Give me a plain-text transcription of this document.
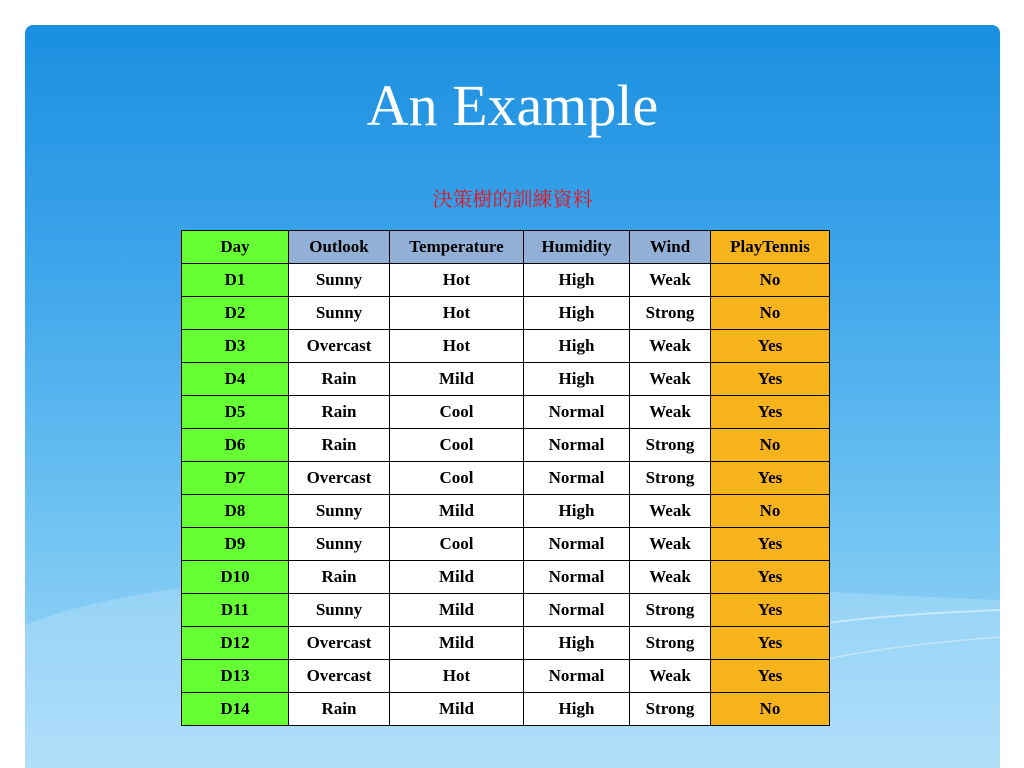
An Example
決策樹的訓練資料
Day	Outlook	Temperature	Humidity	Wind	PlayTennis
D1	Sunny	Hot	High	Weak	No
D2	Sunny	Hot	High	Strong	No
D3	Overcast	Hot	High	Weak	Yes
D4	Rain	Mild	High	Weak	Yes
D5	Rain	Cool	Normal	Weak	Yes
D6	Rain	Cool	Normal	Strong	No
D7	Overcast	Cool	Normal	Strong	Yes
D8	Sunny	Mild	High	Weak	No
D9	Sunny	Cool	Normal	Weak	Yes
D10	Rain	Mild	Normal	Weak	Yes
D11	Sunny	Mild	Normal	Strong	Yes
D12	Overcast	Mild	High	Strong	Yes
D13	Overcast	Hot	Normal	Weak	Yes
D14	Rain	Mild	High	Strong	No
